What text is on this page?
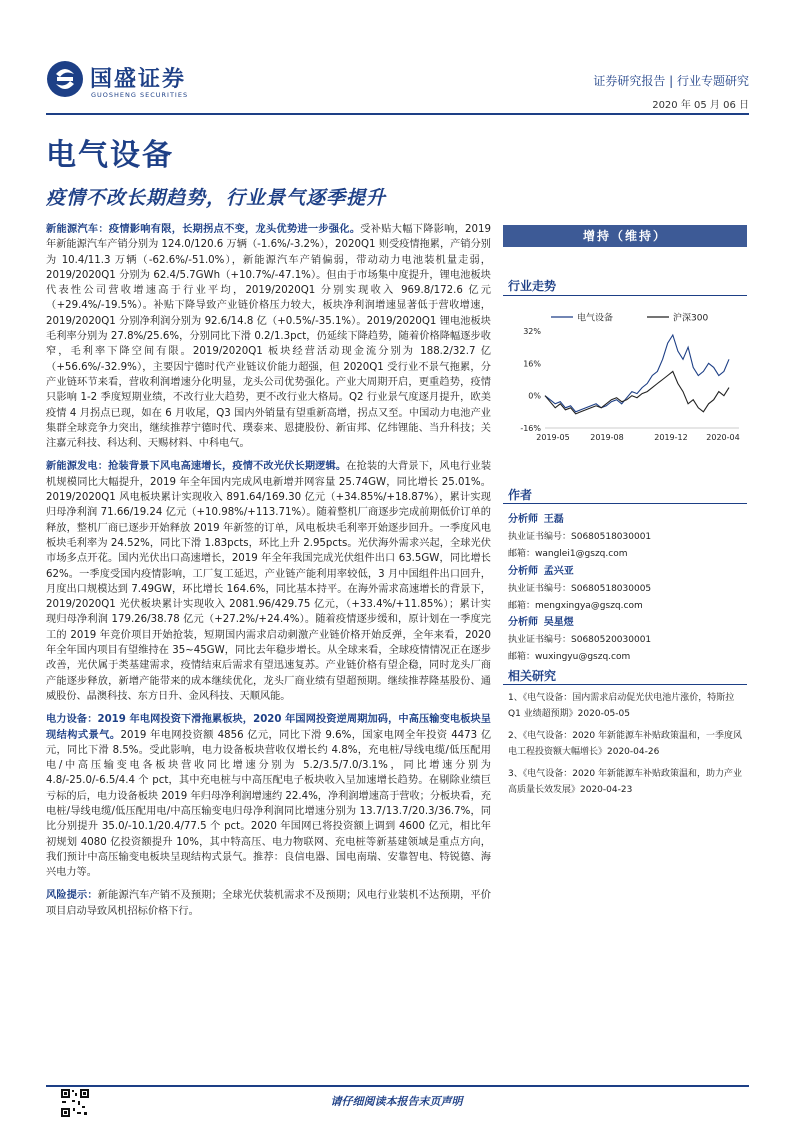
国盛证券
GUOSHENG SECURITIES
证券研究报告 | 行业专题研究
2020 年 05 月 06 日
电气设备
疫情不改长期趋势，行业景气逐季提升

新能源汽车：疫情影响有限，长期拐点不变，龙头优势进一步强化。受补贴大幅下降影响，2019 年新能源汽车产销分别为 124.0/120.6 万辆（-1.6%/-3.2%），2020Q1 则受疫情拖累，产销分别为 10.4/11.3 万辆（-62.6%/-51.0%），新能源汽车产销偏弱，带动动力电池装机量走弱，2019/2020Q1 分别为 62.4/5.7GWh（+10.7%/-47.1%）。但由于市场集中度提升，锂电池板块代表性公司营收增速高于行业平均，2019/2020Q1 分别实现收入 969.8/172.6 亿元（+29.4%/-19.5%）。补贴下降导致产业链价格压力较大，板块净利润增速显著低于营收增速，2019/2020Q1 分别净利润分别为 92.6/14.8 亿（+0.5%/-35.1%）。2019/2020Q1 锂电池板块毛利率分别为 27.8%/25.6%，分别同比下滑 0.2/1.3pct，仍延续下降趋势，随着价格降幅逐步收窄，毛利率下降空间有限。2019/2020Q1 板块经营活动现金流分别为 188.2/32.7 亿（+56.6%/-32.9%），主要因宁德时代产业链议价能力超强，但 2020Q1 受行业不景气拖累，分产业链环节来看，营收利润增速分化明显，龙头公司优势强化。产业大周期开启，更重趋势，疫情只影响 1-2 季度短期业绩，不改行业大趋势，更不改行业大格局。Q2 行业景气度逐月提升，欧美疫情 4 月拐点已现，如在 6 月收尾，Q3 国内外销量有望重新高增，拐点又至。中国动力电池产业集群全球竞争力突出，继续推荐宁德时代、璞泰来、恩捷股份、新宙邦、亿纬锂能、当升科技；关注嘉元科技、科达利、天赐材料、中科电气。

新能源发电：抢装背景下风电高速增长，疫情不改光伏长期逻辑。在抢装的大背景下，风电行业装机规模同比大幅提升，2019 年全年国内完成风电新增并网容量 25.74GW，同比增长 25.01%。2019/2020Q1 风电板块累计实现收入 891.64/169.30 亿元（+34.85%/+18.87%），累计实现归母净利润 71.66/19.24 亿元（+10.98%/+113.71%）。随着整机厂商逐步完成前期低价订单的释放，整机厂商已逐步开始释放 2019 年新签的订单，风电板块毛利率开始逐步回升。一季度风电板块毛利率为 24.52%，同比下滑 1.83pcts，环比上升 2.95pcts。光伏海外需求兴起，全球光伏市场多点开花。国内光伏出口高速增长，2019 年全年我国完成光伏组件出口 63.5GW，同比增长 62%。一季度受国内疫情影响，工厂复工延迟，产业链产能利用率较低，3 月中国组件出口回升，月度出口规模达到 7.49GW，环比增长 164.6%，同比基本持平。在海外需求高速增长的背景下，2019/2020Q1 光伏板块累计实现收入 2081.96/429.75 亿元，（+33.4%/+11.85%）；累计实现归母净利润 179.26/38.78 亿元（+27.2%/+24.4%）。随着疫情逐步缓和，原计划在一季度完工的 2019 年竞价项目开始抢装，短期国内需求启动刺激产业链价格开始反弹，全年来看，2020 年全年国内项目有望维持在 35~45GW，同比去年稳步增长。从全球来看，全球疫情情况正在逐步改善，光伏属于类基建需求，疫情结束后需求有望迅速复苏。产业链价格有望企稳，同时龙头厂商产能逐步释放，新增产能带来的成本继续优化，龙头厂商业绩有望超预期。继续推荐隆基股份、通威股份、晶澳科技、东方日升、金风科技、天顺风能。

电力设备：2019 年电网投资下滑拖累板块，2020 年国网投资逆周期加码，中高压输变电板块呈现结构式景气。2019 年电网投资额 4856 亿元，同比下滑 9.6%，国家电网全年投资 4473 亿元，同比下滑 8.5%。受此影响，电力设备板块营收仅增长约 4.8%，充电桩/导线电缆/低压配用电/中高压输变电各板块营收同比增速分别为 5.2/3.5/7.0/3.1%，同比增速分别为 4.8/-25.0/-6.5/4.4 个 pct，其中充电桩与中高压配电子板块收入呈加速增长趋势。在剔除业绩巨亏标的后，电力设备板块 2019 年归母净利润增速约 22.4%，净利润增速高于营收；分板块看，充电桩/导线电缆/低压配用电/中高压输变电归母净利润同比增速分别为 13.7/13.7/20.3/36.7%，同比分别提升 35.0/-10.1/20.4/77.5 个 pct。2020 年国网已将投资额上调到 4600 亿元，相比年初规划 4080 亿投资额提升 10%，其中特高压、电力物联网、充电桩等新基建领域是重点方向，我们预计中高压输变电板块呈现结构式景气。推荐：良信电器、国电南瑞、安靠智电、特锐德、海兴电力等。

风险提示：新能源汽车产销不及预期；全球光伏装机需求不及预期；风电行业装机不达预期，平价项目启动导致风机招标价格下行。

增持（维持）
行业走势
电气设备	沪深300
32%
16%
0%
-16%
2019-05	2019-08	2019-12 2020-04
作者
分析师 王磊
执业证书编号：S0680518030001
邮箱：wanglei1@gszq.com
分析师 孟兴亚
执业证书编号：S0680518030005
邮箱：mengxingya@gszq.com
分析师 吴星煜
执业证书编号：S0680520030001
邮箱：wuxingyu@gszq.com
相关研究
1、《电气设备：国内需求启动促光伏电池片涨价，特斯拉 Q1 业绩超预期》2020-05-05
2、《电气设备：2020 年新能源车补贴政策温和，一季度风电工程投资额大幅增长》2020-04-26
3、《电气设备：2020 年新能源车补贴政策温和，助力产业高质量长效发展》2020-04-23
请仔细阅读本报告末页声明
